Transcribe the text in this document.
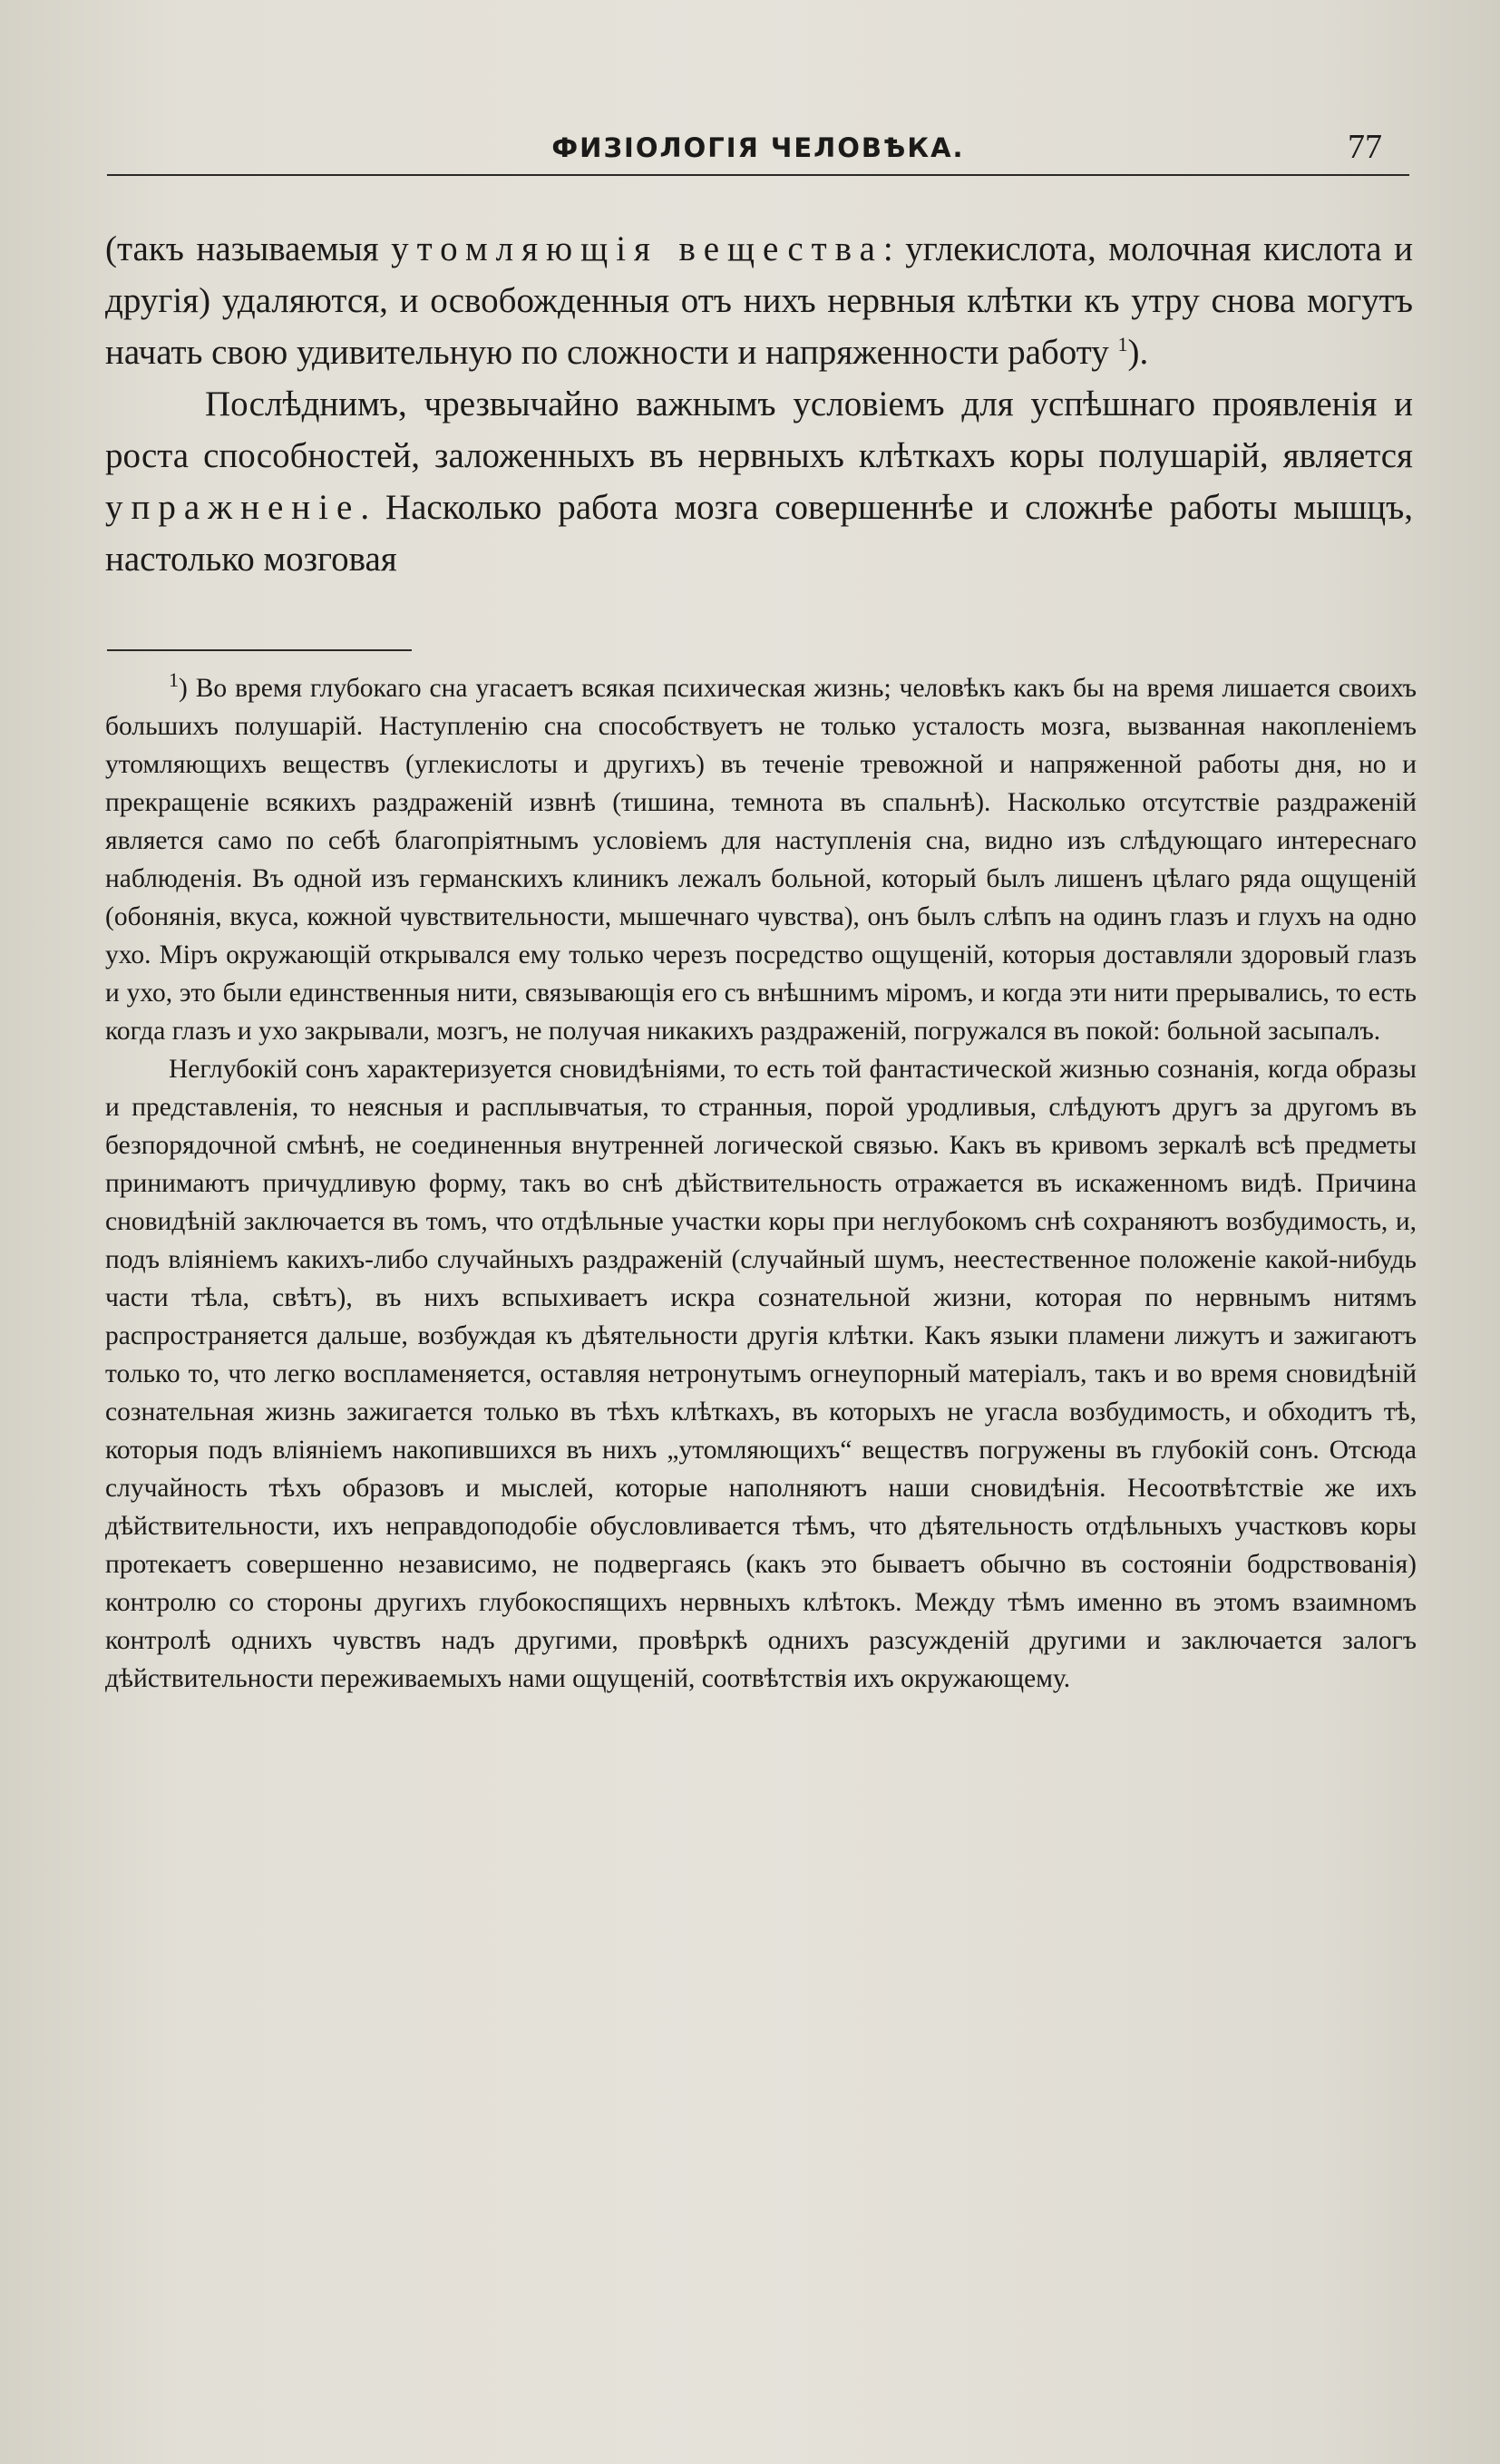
ФИЗIОЛОГIЯ ЧЕЛОВѢКА.	77

(такъ называемыя утомляющiя вещества: углекислота, молочная кислота и другiя) удаляются, и освобожденныя отъ нихъ нервныя клѣтки къ утру снова могутъ начать свою удивительную по сложности и напряженности работу $^1$).

Послѣднимъ, чрезвычайно важнымъ условiемъ для успѣшнаго проявленiя и роста способностей, заложенныхъ въ нервныхъ клѣткахъ коры полушарiй, является упражненiе. Насколько работа мозга совершеннѣе и сложнѣе работы мышцъ, настолько мозговая

$^1$) Во время глубокаго сна угасаетъ всякая психическая жизнь; человѣкъ какъ бы на время лишается своихъ большихъ полушарiй. Наступленiю сна способствуетъ не только усталость мозга, вызванная накопленiемъ утомляющихъ веществъ (углекислоты и другихъ) въ теченiе тревожной и напряженной работы дня, но и прекращенiе всякихъ раздраженiй извнѣ (тишина, темнота въ спальнѣ). Насколько отсутствiе раздраженiй является само по себѣ благопрiятнымъ условiемъ для наступленiя сна, видно изъ слѣдующаго интереснаго наблюденiя. Въ одной изъ германскихъ клиникъ лежалъ больной, который былъ лишенъ цѣлаго ряда ощущенiй (обонянiя, вкуса, кожной чувствительности, мышечнаго чувства), онъ былъ слѣпъ на одинъ глазъ и глухъ на одно ухо. Мiръ окружающiй открывался ему только черезъ посредство ощущенiй, которыя доставляли здоровый глазъ и ухо, это были единственныя нити, связывающiя его съ внѣшнимъ мiромъ, и когда эти нити прерывались, то есть когда глазъ и ухо закрывали, мозгъ, не получая никакихъ раздраженiй, погружался въ покой: больной засыпалъ.

Неглубокiй сонъ характеризуется сновидѣнiями, то есть той фантастической жизнью сознанiя, когда образы и представленiя, то неясныя и расплывчатыя, то странныя, порой уродливыя, слѣдуютъ другъ за другомъ въ безпорядочной смѣнѣ, не соединенныя внутренней логической связью. Какъ въ кривомъ зеркалѣ всѣ предметы принимаютъ причудливую форму, такъ во снѣ дѣйствительность отражается въ искаженномъ видѣ. Причина сновидѣнiй заключается въ томъ, что отдѣльные участки коры при неглубокомъ снѣ сохраняютъ возбудимость, и, подъ влiянiемъ какихъ-либо случайныхъ раздраженiй (случайный шумъ, неестественное положенiе какой-нибудь части тѣла, свѣтъ), въ нихъ вспыхиваетъ искра сознательной жизни, которая по нервнымъ нитямъ распространяется дальше, возбуждая къ дѣятельности другiя клѣтки. Какъ языки пламени лижутъ и зажигаютъ только то, что легко воспламеняется, оставляя нетронутымъ огнеупорный матерiалъ, такъ и во время сновидѣнiй сознательная жизнь зажигается только въ тѣхъ клѣткахъ, въ которыхъ не угасла возбудимость, и обходитъ тѣ, которыя подъ влiянiемъ накопившихся въ нихъ „утомляющихъ“ веществъ погружены въ глубокiй сонъ. Отсюда случайность тѣхъ образовъ и мыслей, которые наполняютъ наши сновидѣнiя. Несоотвѣтствiе же ихъ дѣйствительности, ихъ неправдоподобiе обусловливается тѣмъ, что дѣятельность отдѣльныхъ участковъ коры протекаетъ совершенно независимо, не подвергаясь (какъ это бываетъ обычно въ состоянiи бодрствованiя) контролю со стороны другихъ глубокоспящихъ нервныхъ клѣтокъ. Между тѣмъ именно въ этомъ взаимномъ контролѣ однихъ чувствъ надъ другими, провѣркѣ однихъ разсужденiй другими и заключается залогъ дѣйствительности переживаемыхъ нами ощущенiй, соотвѣтствiя ихъ окружающему.
